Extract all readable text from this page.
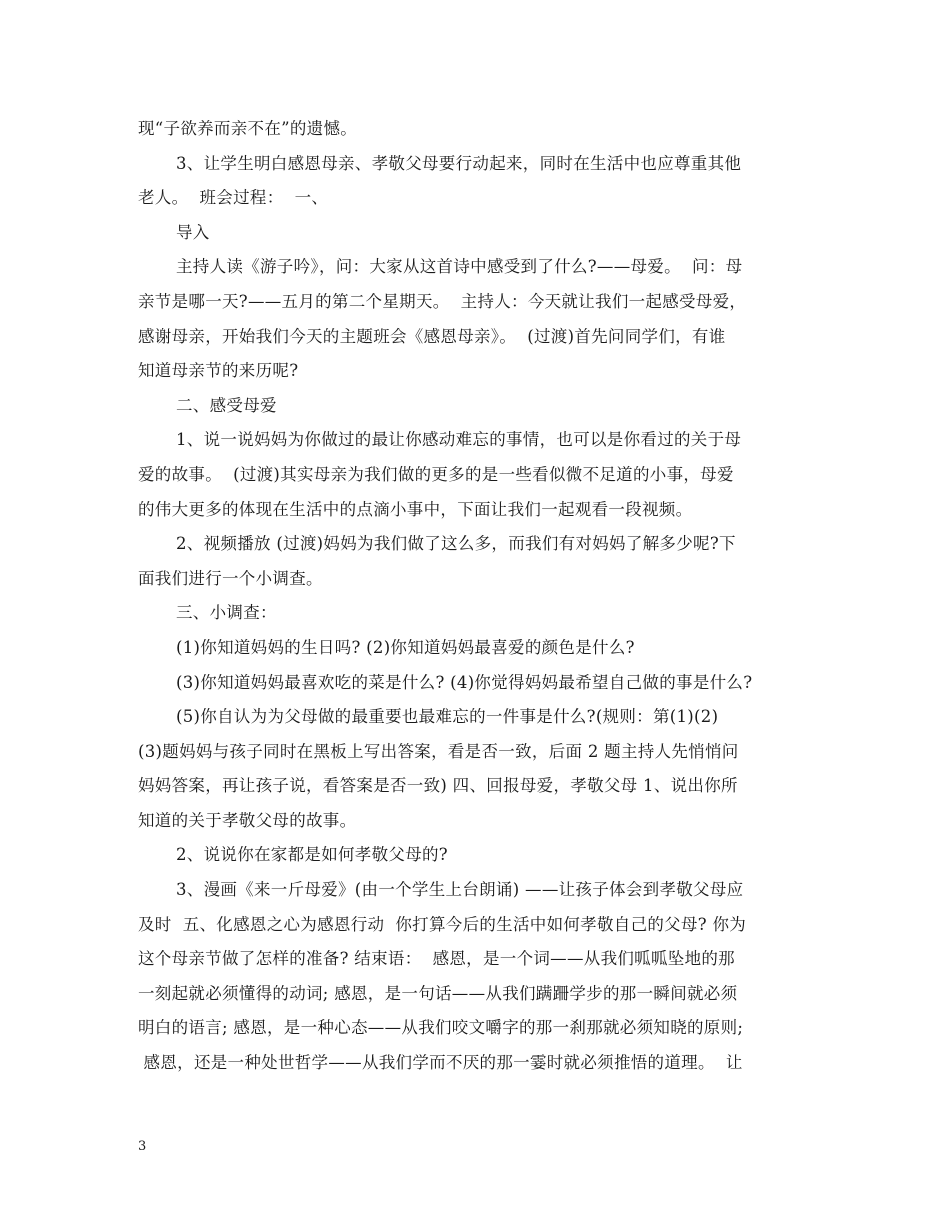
现“子欲养而亲不在”的遗憾。
3、让学生明白感恩母亲、孝敬父母要行动起来，同时在生活中也应尊重其他
老人。  班会过程：  一、
导入
主持人读《游子吟》，问：大家从这首诗中感受到了什么?——母爱。  问：母
亲节是哪一天?——五月的第二个星期天。  主持人：今天就让我们一起感受母爱，
感谢母亲，开始我们今天的主题班会《感恩母亲》。  (过渡)首先问同学们，有谁
知道母亲节的来历呢?
二、感受母爱
1、说一说妈妈为你做过的最让你感动难忘的事情，也可以是你看过的关于母
爱的故事。  (过渡)其实母亲为我们做的更多的是一些看似微不足道的小事，母爱
的伟大更多的体现在生活中的点滴小事中，下面让我们一起观看一段视频。
2、视频播放 (过渡)妈妈为我们做了这么多，而我们有对妈妈了解多少呢?下
面我们进行一个小调查。
三、小调查：
(1)你知道妈妈的生日吗? (2)你知道妈妈最喜爱的颜色是什么?
(3)你知道妈妈最喜欢吃的菜是什么? (4)你觉得妈妈最希望自己做的事是什么?
(5)你自认为为父母做的最重要也最难忘的一件事是什么?(规则：第(1)(2)
(3)题妈妈与孩子同时在黑板上写出答案，看是否一致，后面 2 题主持人先悄悄问
妈妈答案，再让孩子说，看答案是否一致) 四、回报母爱，孝敬父母 1、说出你所
知道的关于孝敬父母的故事。
2、说说你在家都是如何孝敬父母的?
3、漫画《来一斤母爱》(由一个学生上台朗诵) ——让孩子体会到孝敬父母应
及时  五、化感恩之心为感恩行动  你打算今后的生活中如何孝敬自己的父母? 你为
这个母亲节做了怎样的准备? 结束语：  感恩，是一个词——从我们呱呱坠地的那
一刻起就必须懂得的动词; 感恩，是一句话——从我们蹒跚学步的那一瞬间就必须
明白的语言; 感恩，是一种心态——从我们咬文嚼字的那一刹那就必须知晓的原则;
感恩，还是一种处世哲学——从我们学而不厌的那一霎时就必须推悟的道理。  让
3
